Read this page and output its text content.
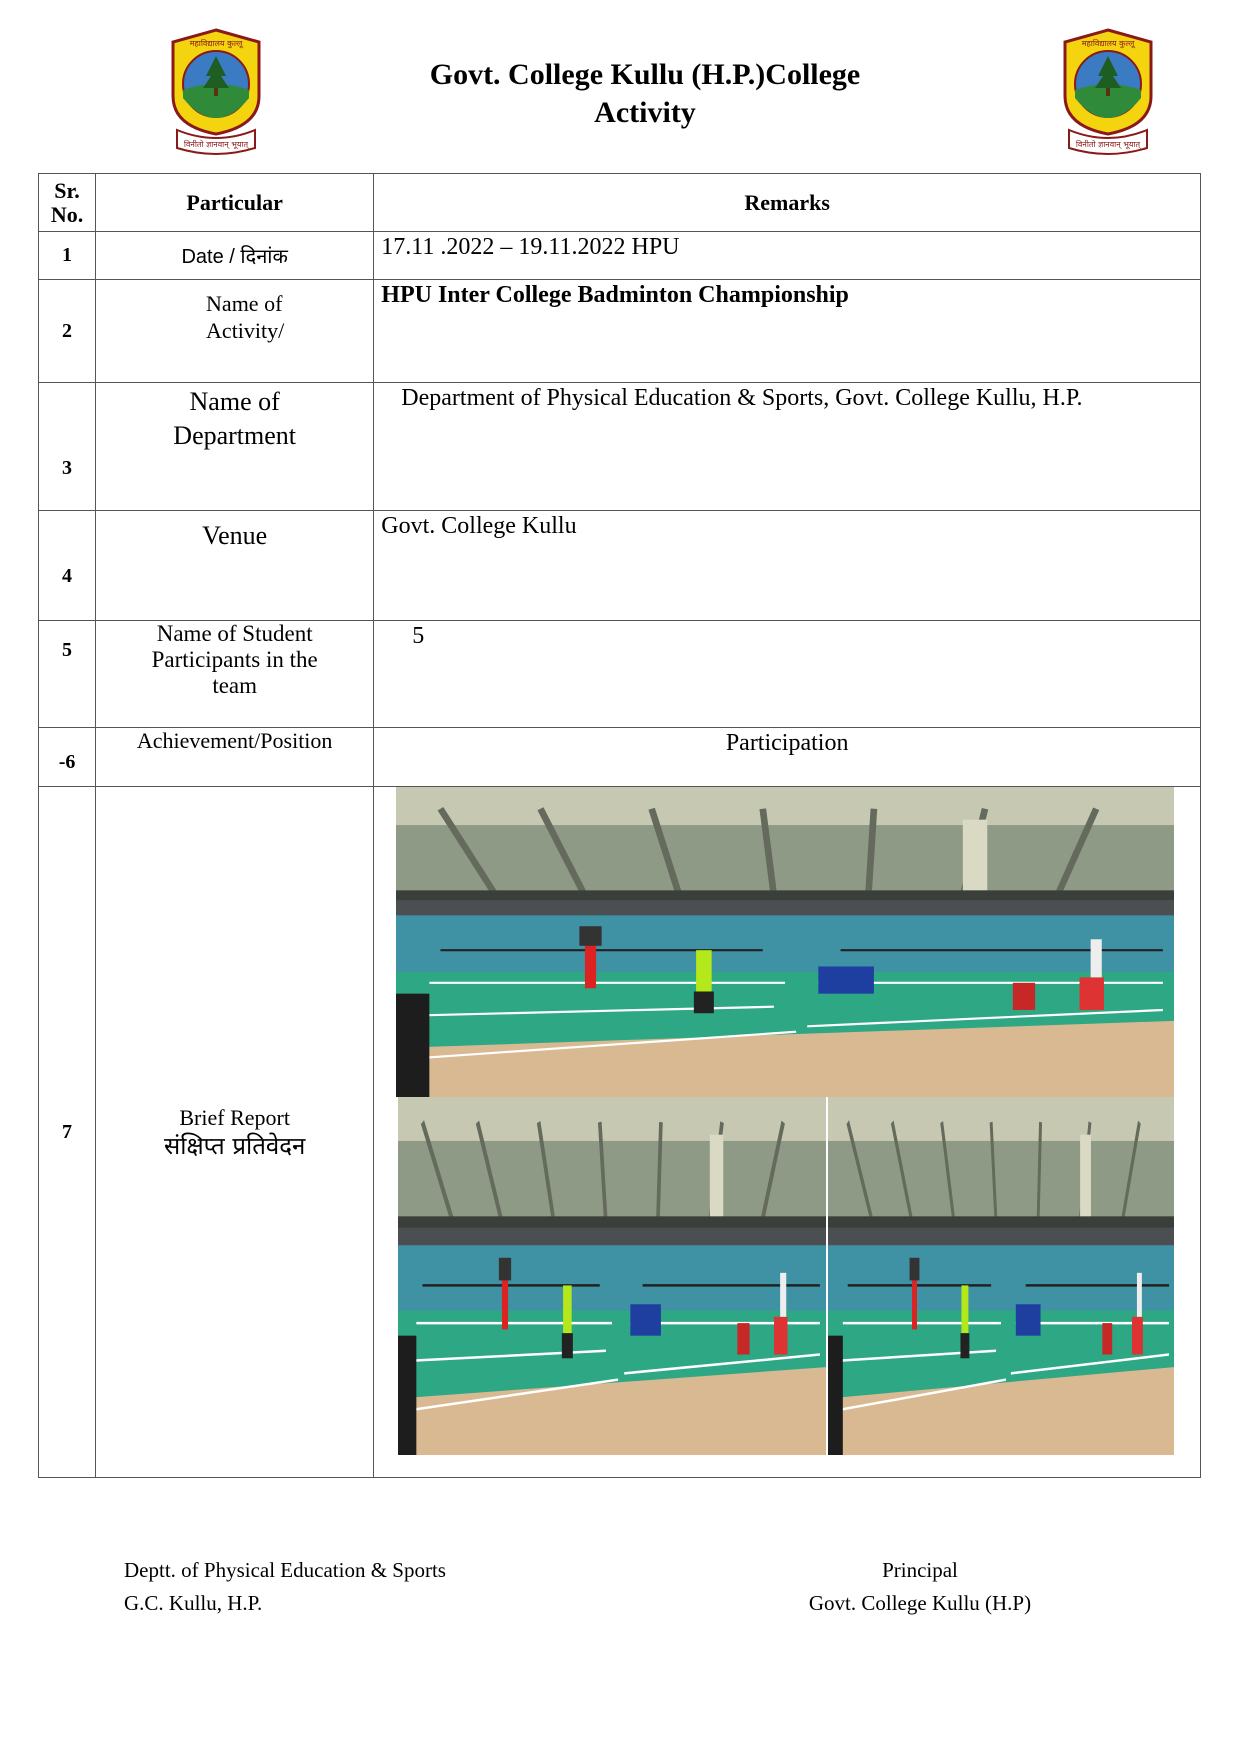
Govt. College Kullu (H.P.)College
Activity
Sr. No.	Particular	Remarks
1	Date / दिनांक	17.11 .2022 – 19.11.2022 HPU
2	Name of Activity/	HPU Inter College Badminton Championship
3	Name of Department	Department of Physical Education & Sports, Govt. College Kullu, H.P.
4	Venue	Govt. College Kullu
5	Name of Student Participants in the team	5
-6	Achievement/Position	Participation
7	Brief Report
संक्षिप्त प्रतिवेदन

Deptt. of Physical Education & Sports
G.C. Kullu, H.P.
Principal
Govt. College Kullu (H.P)
